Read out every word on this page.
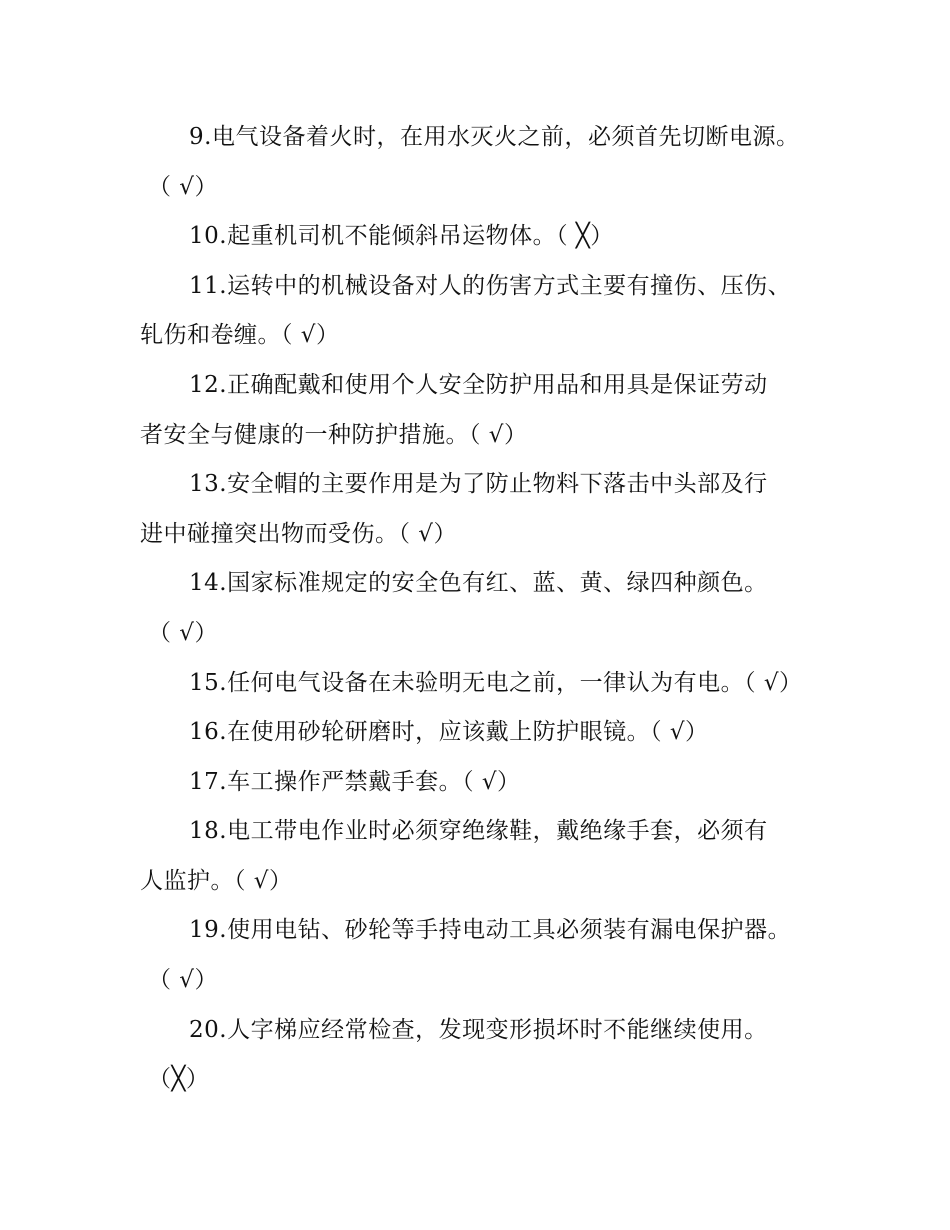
9.电气设备着火时，在用水灭火之前，必须首先切断电源。
（ √）
10.起重机司机不能倾斜吊运物体。（ ╳）
11.运转中的机械设备对人的伤害方式主要有撞伤、压伤、
轧伤和卷缠。（ √）
12.正确配戴和使用个人安全防护用品和用具是保证劳动
者安全与健康的一种防护措施。（ √）
13.安全帽的主要作用是为了防止物料下落击中头部及行
进中碰撞突出物而受伤。（ √）
14.国家标准规定的安全色有红、蓝、黄、绿四种颜色。
（ √）
15.任何电气设备在未验明无电之前，一律认为有电。（ √）
16.在使用砂轮研磨时，应该戴上防护眼镜。（ √）
17.车工操作严禁戴手套。（ √）
18.电工带电作业时必须穿绝缘鞋，戴绝缘手套，必须有
人监护。（ √）
19.使用电钻、砂轮等手持电动工具必须装有漏电保护器。
（ √）
20.人字梯应经常检查，发现变形损坏时不能继续使用。
（╳）
